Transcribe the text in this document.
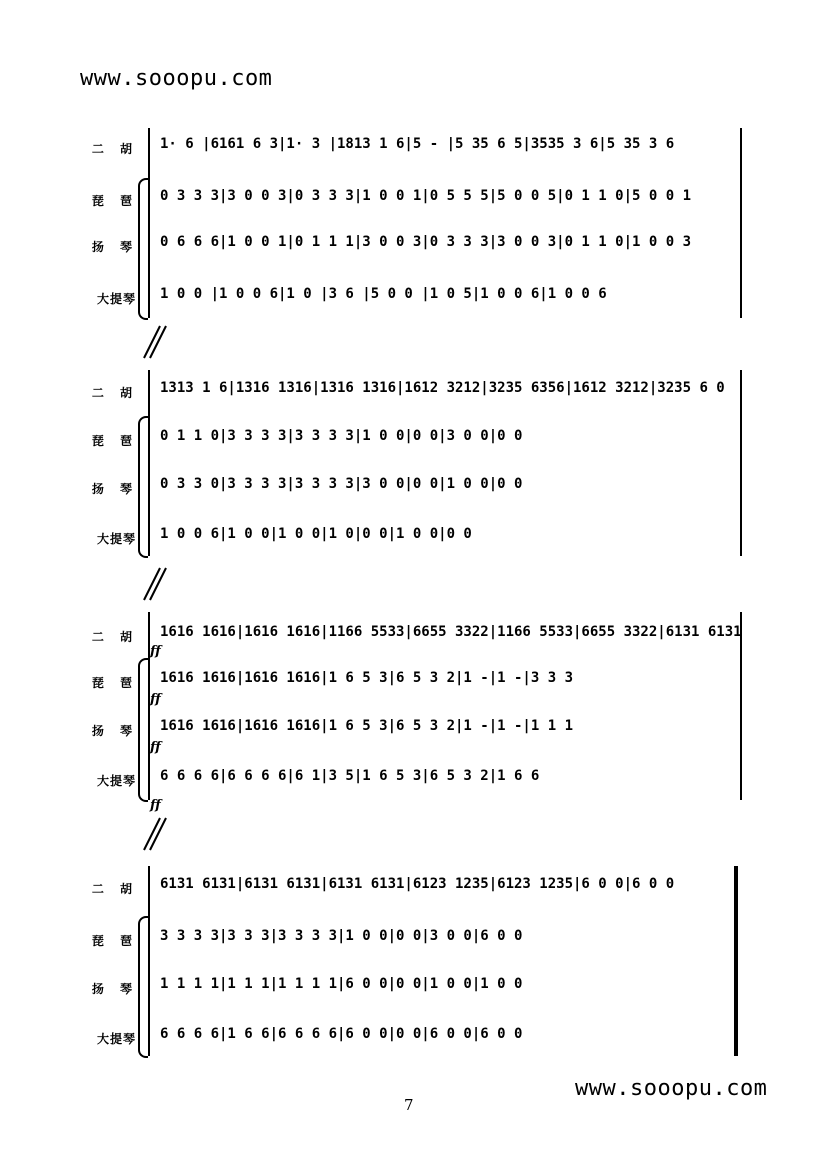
www.sooopu.com
二 胡 1· 6 |6161 6 3|1· 3 |1813 1 6|5 - |5 35 6 5|3535 3 6|5 35 3 6
琵 琶 0 3 3 3|3 0 0 3|0 3 3 3|1 0 0 1|0 5 5 5|5 0 0 5|0 1 1 0|5 0 0 1
扬 琴 0 6 6 6|1 0 0 1|0 1 1 1|3 0 0 3|0 3 3 3|3 0 0 3|0 1 1 0|1 0 0 3
大提琴 1 0 0 |1 0 0 6|1 0 |3 6 |5 0 0 |1 0 5|1 0 0 6|1 0 0 6
二 胡 1313 1 6|1316 1316|1316 1316|1612 3212|3235 6356|1612 3212|3235 6 0
琵 琶 0 1 1 0|3 3 3 3|3 3 3 3|1 0 0|0 0|3 0 0|0 0
扬 琴 0 3 3 0|3 3 3 3|3 3 3 3|3 0 0|0 0|1 0 0|0 0
大提琴 1 0 0 6|1 0 0|1 0 0|1 0|0 0|1 0 0|0 0
二 胡 1616 1616|1616 1616|1166 5533|6655 3322|1166 5533|6655 3322|6131 6131
ff
琵 琶 1616 1616|1616 1616|1 6 5 3|6 5 3 2|1 -|1 -|3 3 3
ff
扬 琴 1616 1616|1616 1616|1 6 5 3|6 5 3 2|1 -|1 -|1 1 1
ff
大提琴 6 6 6 6|6 6 6 6|6 1|3 5|1 6 5 3|6 5 3 2|1 6 6
ff
二 胡 6131 6131|6131 6131|6131 6131|6123 1235|6123 1235|6 0 0|6 0 0
琵 琶 3 3 3 3|3 3 3|3 3 3 3|1 0 0|0 0|3 0 0|6 0 0
扬 琴 1 1 1 1|1 1 1|1 1 1 1|6 0 0|0 0|1 0 0|1 0 0
大提琴 6 6 6 6|1 6 6|6 6 6 6|6 0 0|0 0|6 0 0|6 0 0
www.sooopu.com
7
